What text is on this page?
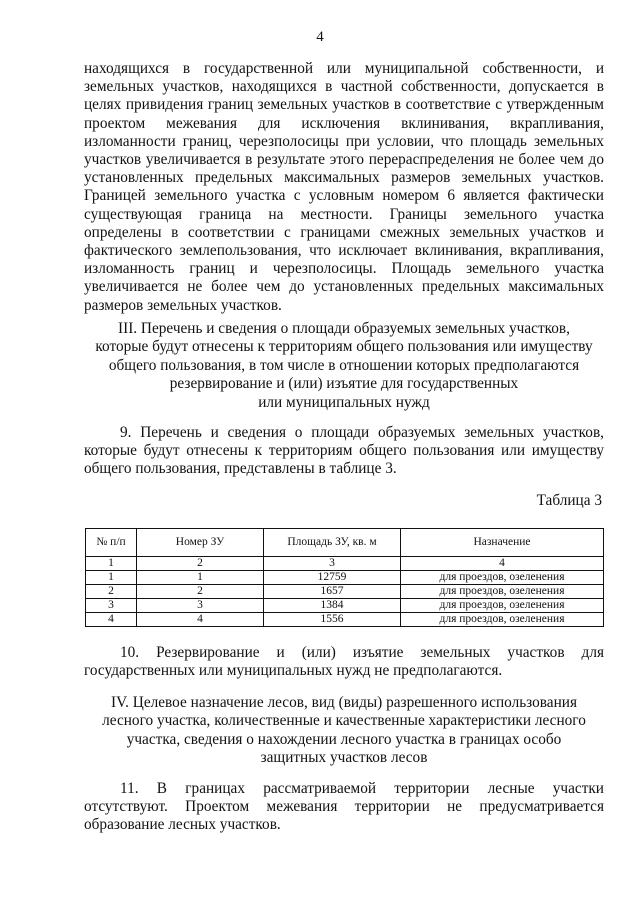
4

находящихся в государственной или муниципальной собственности, и земельных участков, находящихся в частной собственности, допускается в целях привидения границ земельных участков в соответствие с утвержденным проектом межевания для исключения вклинивания, вкрапливания, изломанности границ, черезполосицы при условии, что площадь земельных участков увеличивается в результате этого перераспределения не более чем до установленных предельных максимальных размеров земельных участков. Границей земельного участка с условным номером 6 является фактически существующая граница на местности. Границы земельного участка определены в соответствии с границами смежных земельных участков и фактического землепользования, что исключает вклинивания, вкрапливания, изломанность границ и черезполосицы. Площадь земельного участка увеличивается не более чем до установленных предельных максимальных размеров земельных участков.

III. Перечень и сведения о площади образуемых земельных участков,
которые будут отнесены к территориям общего пользования или имуществу
общего пользования, в том числе в отношении которых предполагаются
резервирование и (или) изъятие для государственных
или муниципальных нужд

9. Перечень и сведения о площади образуемых земельных участков, которые будут отнесены к территориям общего пользования или имуществу общего пользования, представлены в таблице 3.

Таблица 3
№ п/п	Номер ЗУ	Площадь ЗУ, кв. м	Назначение
1	2	3	4
1	1	12759	для проездов, озеленения
2	2	1657	для проездов, озеленения
3	3	1384	для проездов, озеленения
4	4	1556	для проездов, озеленения

10. Резервирование и (или) изъятие земельных участков для государственных или муниципальных нужд не предполагаются.

IV. Целевое назначение лесов, вид (виды) разрешенного использования
лесного участка, количественные и качественные характеристики лесного
участка, сведения о нахождении лесного участка в границах особо
защитных участков лесов

11. В границах рассматриваемой территории лесные участки отсутствуют. Проектом межевания территории не предусматривается образование лесных участков.
